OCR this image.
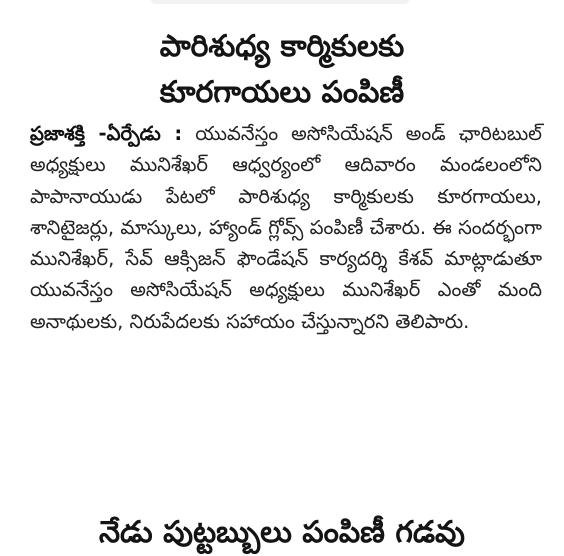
పారిశుధ్య కార్మికులకు
కూరగాయలు పంపిణీ
ప్రజాశక్తి -ఏర్పేడు : యువనేస్తం అసోసియేషన్ అండ్ ఛారిటబుల్ అధ్యక్షులు మునిశేఖర్ ఆధ్వర్యంలో ఆదివారం మండలంలోని పాపానాయుడు పేటలో పారిశుధ్య కార్మికులకు కూరగాయలు, శానిటైజర్లు, మాస్కులు, హ్యాండ్ గ్లోవ్స్ పంపిణీ చేశారు. ఈ సందర్భంగా మునిశేఖర్, సేవ్ ఆక్సిజన్ ఫౌండేషన్ కార్యదర్శి కేశవ్ మాట్లాడుతూ యువనేస్తం అసోసియేషన్ అధ్యక్షులు మునిశేఖర్ ఎంతో మంది అనాథులకు, నిరుపేదలకు సహాయం చేస్తున్నారని తెలిపారు.
నేడు పుట్టబ్బులు పంపిణీ గడవు
